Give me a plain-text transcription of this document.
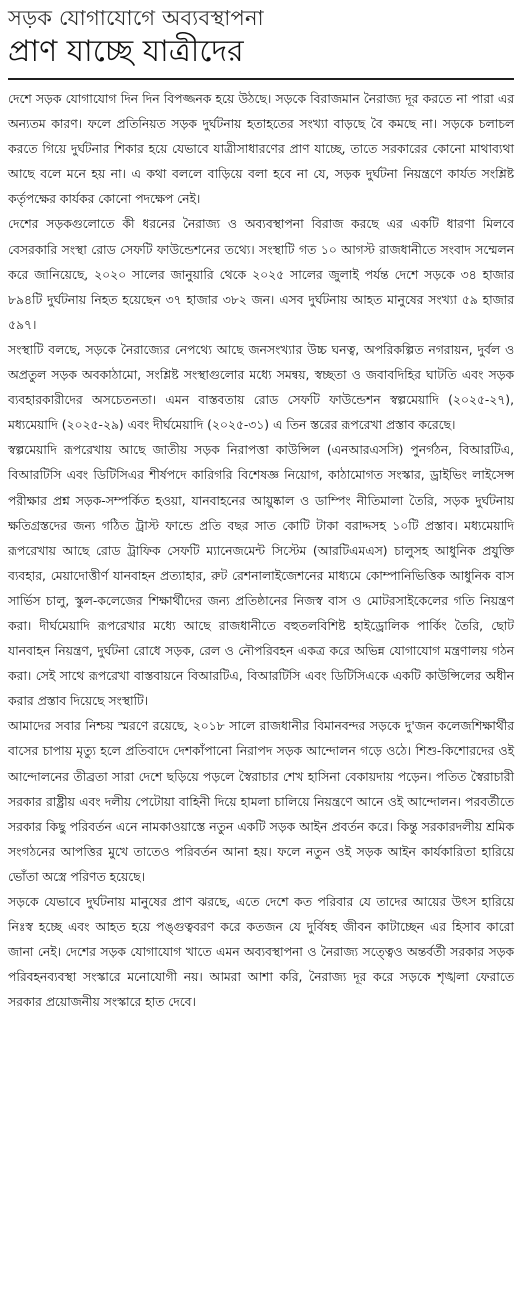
সড়ক যোগাযোগে অব্যবস্থাপনা
প্রাণ যাচ্ছে যাত্রীদের

দেশে সড়ক যোগাযোগ দিন দিন বিপজ্জনক হয়ে উঠছে। সড়কে বিরাজমান নৈরাজ্য দূর করতে না পারা এর অন্যতম কারণ। ফলে প্রতিনিয়ত সড়ক দুর্ঘটনায় হতাহতের সংখ্যা বাড়ছে বৈ কমছে না। সড়কে চলাচল করতে গিয়ে দুর্ঘটনার শিকার হয়ে যেভাবে যাত্রীসাধারণের প্রাণ যাচ্ছে, তাতে সরকারের কোনো মাথাব্যথা আছে বলে মনে হয় না। এ কথা বললে বাড়িয়ে বলা হবে না যে, সড়ক দুর্ঘটনা নিয়ন্ত্রণে কার্যত সংশ্লিষ্ট কর্তৃপক্ষের কার্যকর কোনো পদক্ষেপ নেই।

দেশের সড়কগুলোতে কী ধরনের নৈরাজ্য ও অব্যবস্থাপনা বিরাজ করছে এর একটি ধারণা মিলবে বেসরকারি সংস্থা রোড সেফটি ফাউন্ডেশনের তথ্যে। সংস্থাটি গত ১০ আগস্ট রাজধানীতে সংবাদ সম্মেলন করে জানিয়েছে, ২০২০ সালের জানুয়ারি থেকে ২০২৫ সালের জুলাই পর্যন্ত দেশে সড়কে ৩৪ হাজার ৮৯৪টি দুর্ঘটনায় নিহত হয়েছেন ৩৭ হাজার ৩৮২ জন। এসব দুর্ঘটনায় আহত মানুষের সংখ্যা ৫৯ হাজার ৫৯৭।

সংস্থাটি বলছে, সড়কে নৈরাজ্যের নেপথ্যে আছে জনসংখ্যার উচ্চ ঘনত্ব, অপরিকল্পিত নগরায়ন, দুর্বল ও অপ্রতুল সড়ক অবকাঠামো, সংশ্লিষ্ট সংস্থাগুলোর মধ্যে সমন্বয়, স্বচ্ছতা ও জবাবদিহির ঘাটতি এবং সড়ক ব্যবহারকারীদের অসচেতনতা। এমন বাস্তবতায় রোড সেফটি ফাউন্ডেশন স্বল্পমেয়াদি (২০২৫-২৭), মধ্যমেয়াদি (২০২৫-২৯) এবং দীর্ঘমেয়াদি (২০২৫-৩১) এ তিন স্তরের রূপরেখা প্রস্তাব করেছে।

স্বল্পমেয়াদি রূপরেখায় আছে জাতীয় সড়ক নিরাপত্তা কাউন্সিল (এনআরএসসি) পুনর্গঠন, বিআরটিএ, বিআরটিসি এবং ডিটিসিএর শীর্ষপদে কারিগরি বিশেষজ্ঞ নিয়োগ, কাঠামোগত সংস্কার, ড্রাইভিং লাইসেন্স পরীক্ষার প্রশ্ন সড়ক-সম্পর্কিত হওয়া, যানবাহনের আয়ুষ্কাল ও ডাম্পিং নীতিমালা তৈরি, সড়ক দুর্ঘটনায় ক্ষতিগ্রস্তদের জন্য গঠিত ট্রাস্ট ফান্ডে প্রতি বছর সাত কোটি টাকা বরাদ্দসহ ১০টি প্রস্তাব। মধ্যমেয়াদি রূপরেখায় আছে রোড ট্রাফিক সেফটি ম্যানেজমেন্ট সিস্টেম (আরটিএমএস) চালুসহ আধুনিক প্রযুক্তি ব্যবহার, মেয়াদোত্তীর্ণ যানবাহন প্রত্যাহার, রুট রেশনালাইজেশনের মাধ্যমে কোম্পানিভিত্তিক আধুনিক বাস সার্ভিস চালু, স্কুল-কলেজের শিক্ষার্থীদের জন্য প্রতিষ্ঠানের নিজস্ব বাস ও মোটরসাইকেলের গতি নিয়ন্ত্রণ করা। দীর্ঘমেয়াদি রূপরেখার মধ্যে আছে রাজধানীতে বহুতলবিশিষ্ট হাইড্রোলিক পার্কিং তৈরি, ছোট যানবাহন নিয়ন্ত্রণ, দুর্ঘটনা রোধে সড়ক, রেল ও নৌপরিবহন একত্র করে অভিন্ন যোগাযোগ মন্ত্রণালয় গঠন করা। সেই সাথে রূপরেখা বাস্তবায়নে বিআরটিএ, বিআরটিসি এবং ডিটিসিএকে একটি কাউন্সিলের অধীন করার প্রস্তাব দিয়েছে সংস্থাটি।

আমাদের সবার নিশ্চয় স্মরণে রয়েছে, ২০১৮ সালে রাজধানীর বিমানবন্দর সড়কে দু'জন কলেজশিক্ষার্থীর বাসের চাপায় মৃত্যু হলে প্রতিবাদে দেশকাঁপানো নিরাপদ সড়ক আন্দোলন গড়ে ওঠে। শিশু-কিশোরদের ওই আন্দোলনের তীব্রতা সারা দেশে ছড়িয়ে পড়লে স্বৈরাচার শেখ হাসিনা বেকায়দায় পড়েন। পতিত স্বৈরাচারী সরকার রাষ্ট্রীয় এবং দলীয় পেটোয়া বাহিনী দিয়ে হামলা চালিয়ে নিয়ন্ত্রণে আনে ওই আন্দোলন। পরবর্তীতে সরকার কিছু পরিবর্তন এনে নামকাওয়াস্তে নতুন একটি সড়ক আইন প্রবর্তন করে। কিন্তু সরকারদলীয় শ্রমিক সংগঠনের আপত্তির মুখে তাতেও পরিবর্তন আনা হয়। ফলে নতুন ওই সড়ক আইন কার্যকারিতা হারিয়ে ভোঁতা অস্ত্রে পরিণত হয়েছে।

সড়কে যেভাবে দুর্ঘটনায় মানুষের প্রাণ ঝরছে, এতে দেশে কত পরিবার যে তাদের আয়ের উৎস হারিয়ে নিঃস্ব হচ্ছে এবং আহত হয়ে পঙ্গুত্ববরণ করে কতজন যে দুর্বিষহ জীবন কাটাচ্ছেন এর হিসাব কারো জানা নেই। দেশের সড়ক যোগাযোগ খাতে এমন অব্যবস্থাপনা ও নৈরাজ্য সত্ত্বেও অন্তর্বর্তী সরকার সড়ক পরিবহনব্যবস্থা সংস্কারে মনোযোগী নয়। আমরা আশা করি, নৈরাজ্য দূর করে সড়কে শৃঙ্খলা ফেরাতে সরকার প্রয়োজনীয় সংস্কারে হাত দেবে।
